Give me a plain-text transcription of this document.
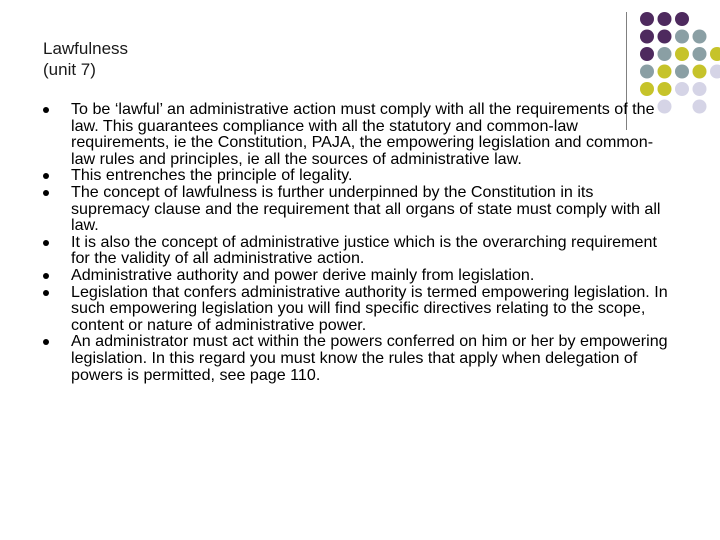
Lawfulness
(unit 7)
To be ‘lawful’ an administrative action must comply with all the requirements of the law. This guarantees compliance with all the statutory and common-law requirements, ie the Constitution, PAJA, the empowering legislation and common-law rules and principles, ie all the sources of administrative law.
This entrenches the principle of legality.
The concept of lawfulness is further underpinned by the Constitution in its supremacy clause and the requirement that all organs of state must comply with all law.
It is also the concept of administrative justice which is the overarching requirement for the validity of all administrative action.
Administrative authority and power derive mainly from legislation.
Legislation that confers administrative authority is termed empowering legislation. In such empowering legislation you will find specific directives relating to the scope, content or nature of administrative power.
An administrator must act within the powers conferred on him or her by empowering legislation. In this regard you must know the rules that apply when delegation of powers is permitted, see page 110.
